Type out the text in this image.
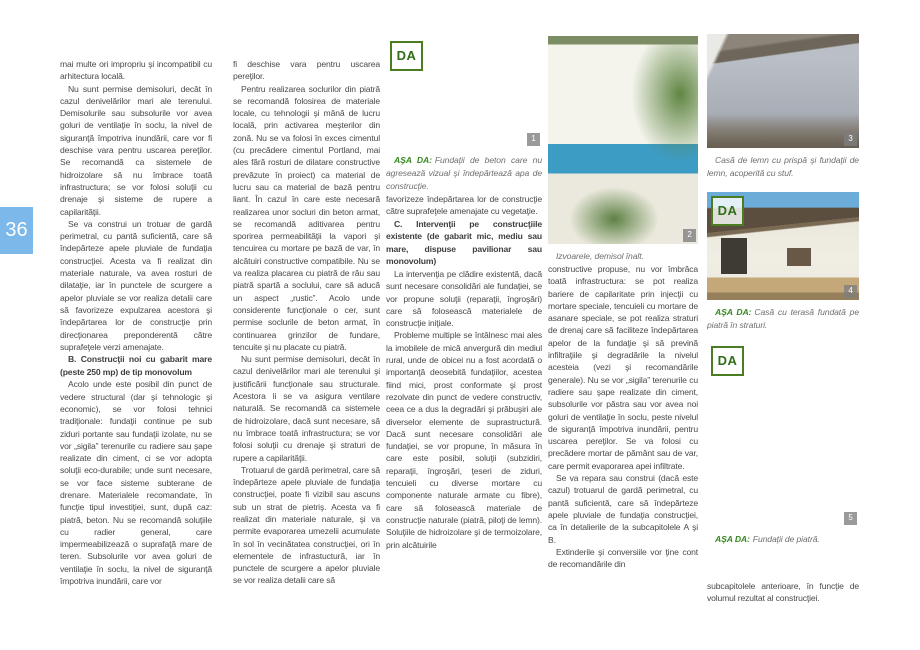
36

mai multe ori impropriu şi incompatibil cu arhitectura locală.

Nu sunt permise demisoluri, decât în cazul denivelărilor mari ale terenului. Demisolurile sau subsolurile vor avea goluri de ventilaţie în soclu, la nivel de siguranţă împotriva inundării, care vor fi deschise vara pentru uscarea pereţilor. Se recomandă ca sistemele de hidroizolare să nu îmbrace toată infrastructura; se vor folosi soluţii cu drenaje şi sisteme de rupere a capilarităţii.

Se va construi un trotuar de gardă perimetral, cu pantă suficientă, care să îndepărteze apele pluviale de fundaţia construcţiei. Acesta va fi realizat din materiale naturale, va avea rosturi de dilataţie, iar în punctele de scurgere a apelor pluviale se vor realiza detalii care să favorizeze expulzarea acestora şi îndepărtarea lor de construcţie prin direcţionarea preponderentă către suprafeţele verzi amenajate.

B. Construcţii noi cu gabarit mare (peste 250 mp) de tip monovolum

Acolo unde este posibil din punct de vedere structural (dar şi tehnologic şi economic), se vor folosi tehnici tradiţionale: fundaţii continue pe sub ziduri portante sau fundaţii izolate, nu se vor „sigila” terenurile cu radiere sau şape realizate din ciment, ci se vor adopta soluţii eco-durabile; unde sunt necesare, se vor face sisteme subterane de drenare. Materialele recomandate, în funcţie tipul investiţiei, sunt, după caz: piatră, beton. Nu se recomandă soluţiile cu radier general, care impermeabilizează o suprafaţă mare de teren. Subsolurile vor avea goluri de ventilaţie în soclu, la nivel de siguranţă împotriva inundării, care vor

fi deschise vara pentru uscarea pereţilor.

Pentru realizarea soclurilor din piatră se recomandă folosirea de materiale locale, cu tehnologii şi mână de lucru locală, prin activarea meşterilor din zonă. Nu se va folosi în exces cimentul (cu precădere cimentul Portland, mai ales fără rosturi de dilatare constructive prevăzute în proiect) ca material de lucru sau ca material de bază pentru liant. În cazul în care este necesară realizarea unor socluri din beton armat, se recomandă aditivarea pentru sporirea permeabilităţii la vapori şi tencuirea cu mortare pe bază de var, în alcătuiri constructive compatibile. Nu se va realiza placarea cu piatră de râu sau piatră spartă a soclului, care să aducă un aspect „rustic”. Acolo unde considerente funcţionale o cer, sunt permise soclurile de beton armat, în continuarea grinzilor de fundare, tencuite şi nu placate cu piatră.

Nu sunt permise demisoluri, decât în cazul denivelărilor mari ale terenului şi justificării funcţionale sau structurale. Acestora li se va asigura ventilare naturală. Se recomandă ca sistemele de hidroizolare, dacă sunt necesare, să nu îmbrace toată infrastructura; se vor folosi soluţii cu drenaje şi straturi de rupere a capilarităţii.

Trotuarul de gardă perimetral, care să îndepărteze apele pluviale de fundaţia construcţiei, poate fi vizibil sau ascuns sub un strat de pietriş. Acesta va fi realizat din materiale naturale, şi va permite evaporarea umezelii acumulate în sol în vecinătatea construcţiei, ori în elementele de infrastuctură, iar în punctele de scurgere a apelor pluviale se vor realiza detalii care să

DA
1
AŞA DA: Fundaţii de beton care nu agresează vizual şi îndepărtează apa de construcţie.

favorizeze îndepărtarea lor de construcţie către suprafeţele amenajate cu vegetaţie.

C. Intervenţii pe construcţiile existente (de gabarit mic, mediu sau mare, dispuse pavilionar sau monovolum)

La intervenţia pe clădire existentă, dacă sunt necesare consolidări ale fundaţiei, se vor propune soluţii (reparaţii, îngroşări) care să folosească materialele de construcţie iniţiale.

Probleme multiple se întâlnesc mai ales la imobilele de mică anvergură din mediul rural, unde de obicei nu a fost acordată o importanţă deosebită fundaţiilor, acestea fiind mici, prost conformate şi prost rezolvate din punct de vedere constructiv, ceea ce a dus la degradări şi prăbuşiri ale diverselor elemente de suprastructură. Dacă sunt necesare consolidări ale fundaţiei, se vor propune, în măsura în care este posibil, soluţii (subzidiri, reparaţii, îngroşări, ţeseri de ziduri, tencuieli cu diverse mortare cu componente naturale armate cu fibre), care să folosească materiale de construcţie naturale (piatră, piloţi de lemn). Soluţiile de hidroizolare şi de termoizolare, prin alcătuirile

2
Izvoarele, demisol înalt.

constructive propuse, nu vor îmbrăca toată infrastructura: se pot realiza bariere de capilaritate prin injecţii cu mortare speciale, tencuieli cu mortare de asanare speciale, se pot realiza straturi de drenaj care să faciliteze îndepărtarea apelor de la fundaţie şi să prevină infiltraţiile şi degradările la nivelul acesteia (vezi şi recomandările generale). Nu se vor „sigila” terenurile cu radiere sau şape realizate din ciment, subsolurile vor păstra sau vor avea noi goluri de ventilaţie în soclu, peste nivelul de siguranţă împotriva inundării, pentru uscarea pereţilor. Se va folosi cu precădere mortar de pământ sau de var, care permit evaporarea apei infiltrate.

Se va repara sau construi (dacă este cazul) trotuarul de gardă perimetral, cu pantă suficientă, care să îndepărteze apele pluviale de fundaţia construcţiei, ca în detalierile de la subcapitolele A şi B.

Extinderile şi conversiile vor ţine cont de recomandările din

3
Casă de lemn cu prispă şi fundaţii de lemn, acoperită cu stuf.
DA
4
AŞA DA: Casă cu terasă fundată pe piatră în straturi.
DA
5
AŞA DA: Fundaţii de piatră.

subcapitolele anterioare, în funcţie de volumul rezultat al construcţiei.
